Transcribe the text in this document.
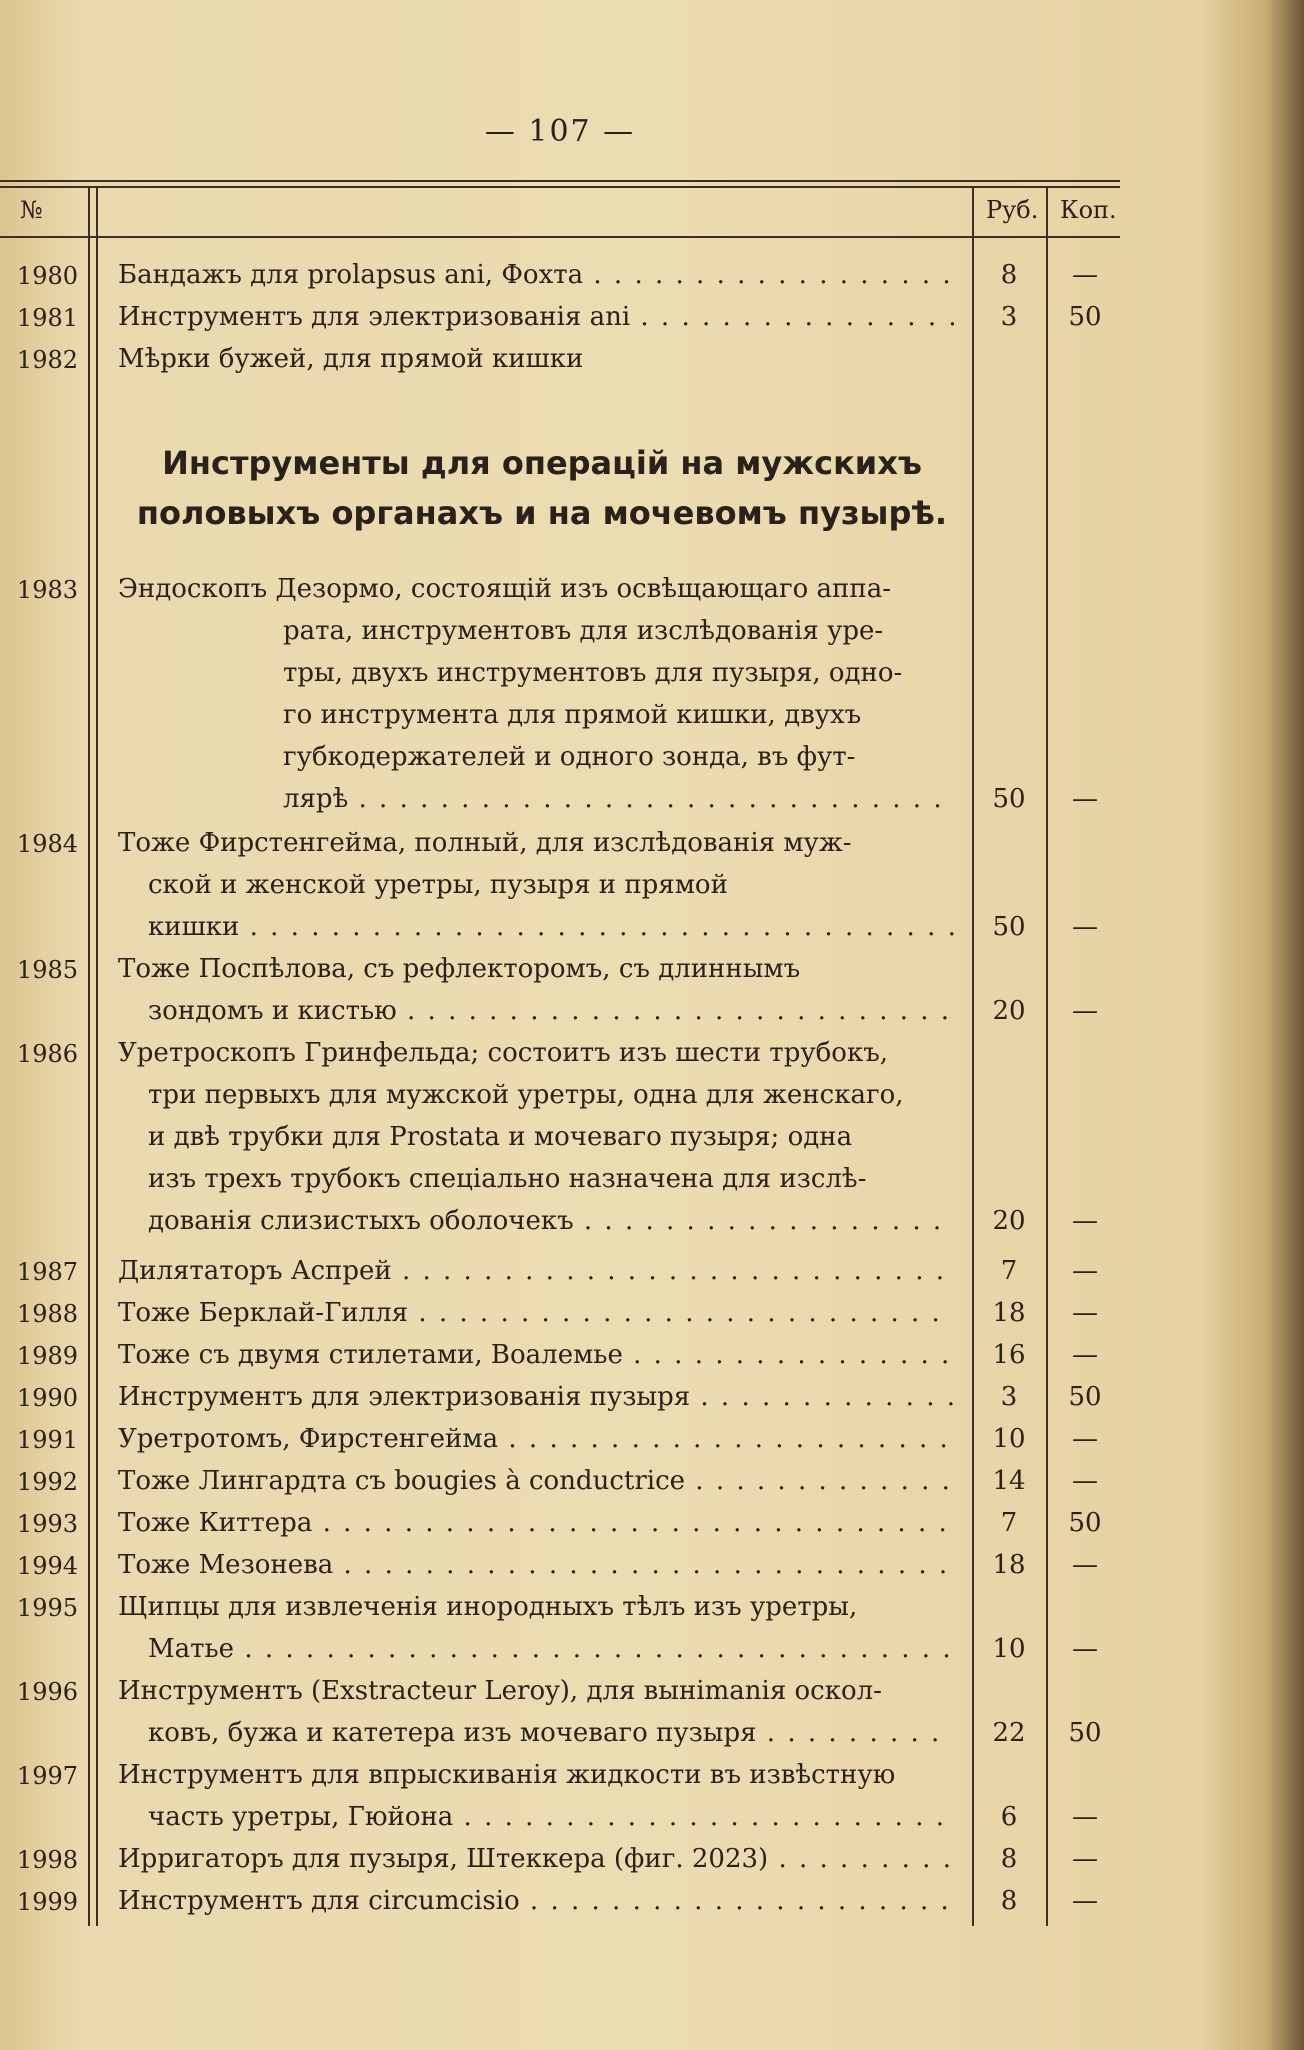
— 107 —
№	Руб. Коп.
1980 Бандажъ для prolapsus ani, Фохта . . .	8	—
1981 Инструментъ для электризованія ani . . .	3	50
1982 Мѣрки бужей, для прямой кишки
1983 Эндоскопъ Дезормо, состоящій изъ освѣщающаго аппа-
рата, инструментовъ для изслѣдованія уре-
тры, двухъ инструментовъ для пузыря, одно-
го инструмента для прямой кишки, двухъ
губкодержателей и одного зонда, въ фут-
лярѣ . . .	50	—
1984 Тоже Фирстенгейма, полный, для изслѣдованія муж-
ской и женской уретры, пузыря и прямой
кишки . . .	50	—
1985 Тоже Поспѣлова, съ рефлекторомъ, съ длиннымъ
зондомъ и кистью . . .	20	—
1986 Уретроскопъ Гринфельда; состоитъ изъ шести трубокъ,
три первыхъ для мужской уретры, одна для женскаго,
и двѣ трубки для Prostata и мочеваго пузыря; одна
изъ трехъ трубокъ спеціально назначена для изслѣ-
дованія слизистыхъ оболочекъ . . .	20	—
1987 Дилятаторъ Аспрей . . .	7	—
1988 Тоже Берклай-Гилля . . .	18	—
1989 Тоже съ двумя стилетами, Воалемье . . .	16	—
1990 Инструментъ для электризованія пузыря . . .	3	50
1991 Уретротомъ, Фирстенгейма . . .	10	—
1992 Тоже Лингардта съ bougies à conductrice . . .	14	—
1993 Тоже Киттера . . .	7	50
1994 Тоже Мезонева . . .	18	—
1995 Щипцы для извлеченія инородныхъ тѣлъ изъ уретры,
Матье . . .	10	—
1996 Инструментъ (Exstracteur Leroy), для вынimanія оскол-
ковъ, бужа и катетера изъ мочеваго пузыря . . .	22	50
1997 Инструментъ для впрыскиванія жидкости въ извѣстную
часть уретры, Гюйона . . .	6	—
1998 Ирригаторъ для пузыря, Штеккера (фиг. 2023) . . .	8	—
1999 Инструментъ для circumcisio . . .	8	—
Инструменты для операцій на мужскихъ
половыхъ органахъ и на мочевомъ пузырѣ.
